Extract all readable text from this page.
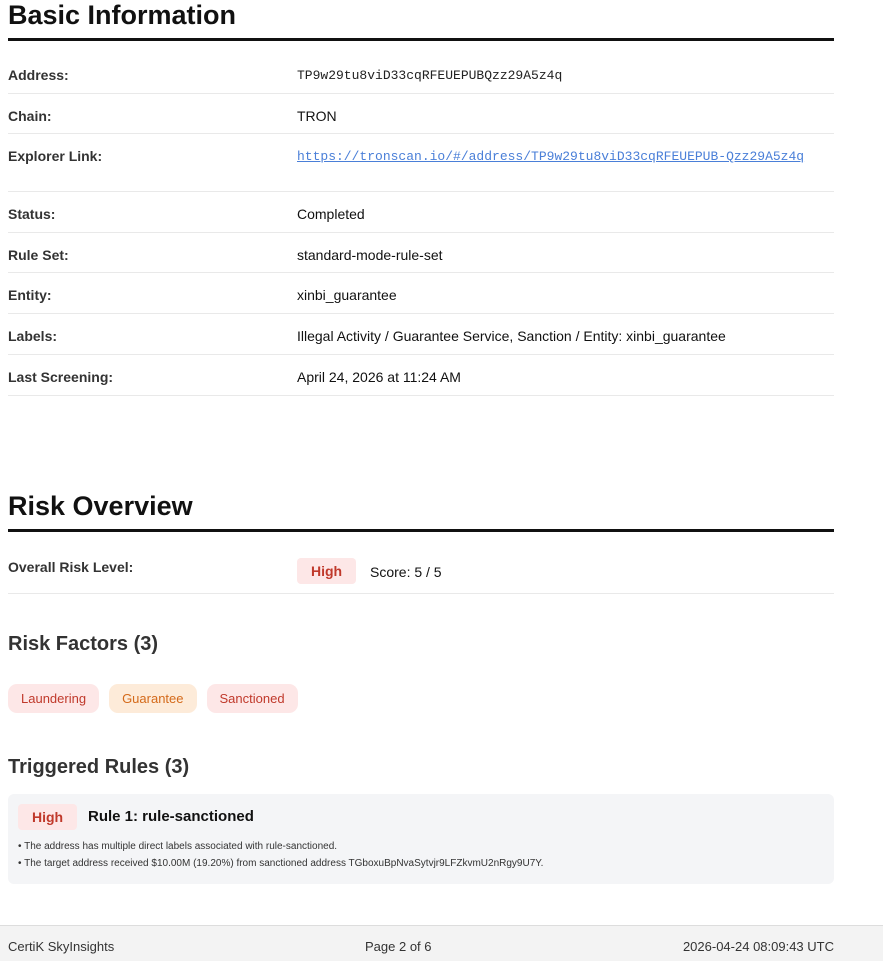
Basic Information
Address:	TP9w29tu8viD33cqRFEUEPUBQzz29A5z4q
Chain:	TRON
Explorer Link:	https://tronscan.io/#/address/TP9w29tu8viD33cqRFEUEPUB-Qzz29A5z4q
Status:	Completed
Rule Set:	standard-mode-rule-set
Entity:	xinbi_guarantee
Labels:	Illegal Activity / Guarantee Service, Sanction / Entity: xinbi_guarantee
Last Screening:	April 24, 2026 at 11:24 AM
Risk Overview
Overall Risk Level:	High	Score: 5 / 5
Risk Factors (3)
Laundering	Guarantee	Sanctioned
Triggered Rules (3)
High	Rule 1: rule-sanctioned
• The address has multiple direct labels associated with rule-sanctioned.
• The target address received $10.00M (19.20%) from sanctioned address TGboxuBpNvaSytvjr9LFZkvmU2nRgy9U7Y.
CertiK SkyInsights	Page 2 of 6	2026-04-24 08:09:43 UTC
